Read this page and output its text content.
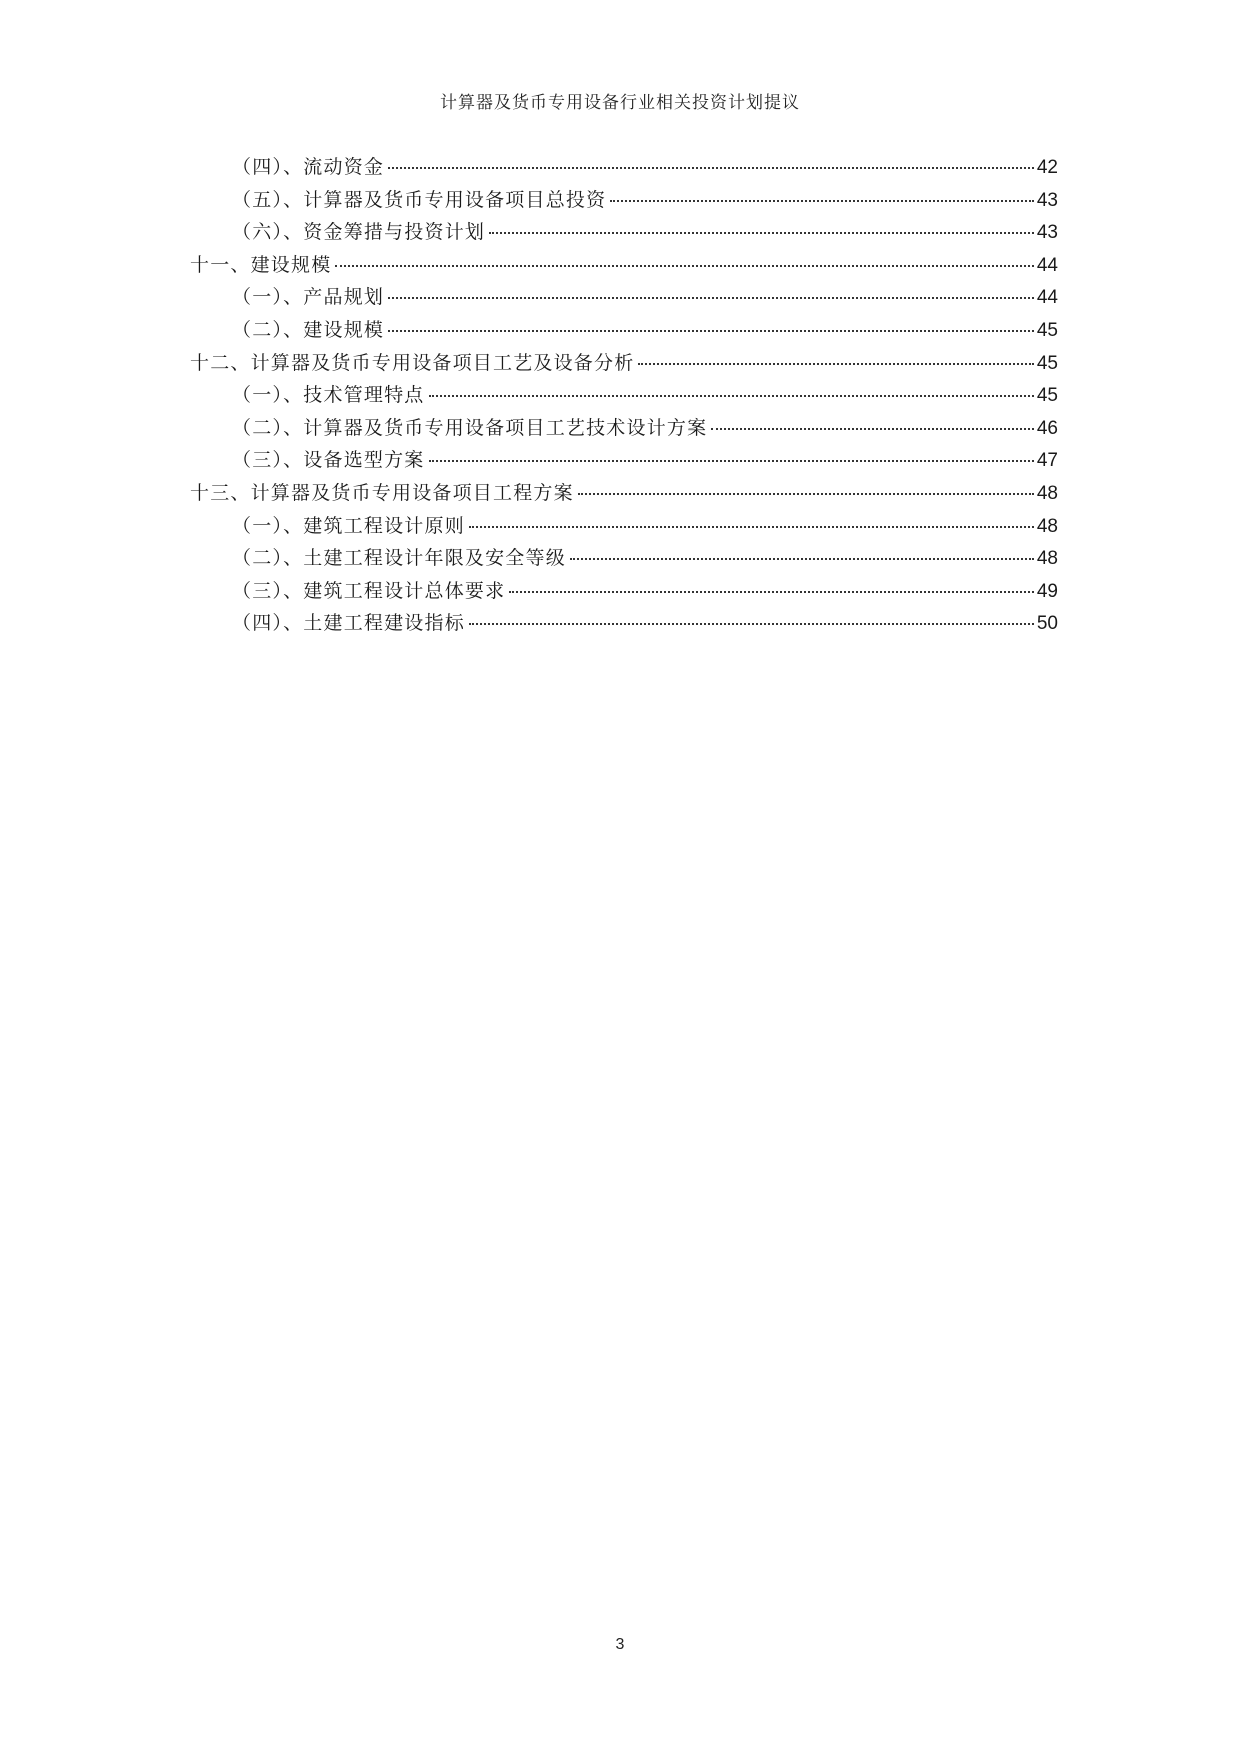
计算器及货币专用设备行业相关投资计划提议
（四）、流动资金	42
（五）、计算器及货币专用设备项目总投资	43
（六）、资金筹措与投资计划	43
十一、建设规模	44
（一）、产品规划	44
（二）、建设规模	45
十二、计算器及货币专用设备项目工艺及设备分析	45
（一）、技术管理特点	45
（二）、计算器及货币专用设备项目工艺技术设计方案	46
（三）、设备选型方案	47
十三、计算器及货币专用设备项目工程方案	48
（一）、建筑工程设计原则	48
（二）、土建工程设计年限及安全等级	48
（三）、建筑工程设计总体要求	49
（四）、土建工程建设指标	50
3
